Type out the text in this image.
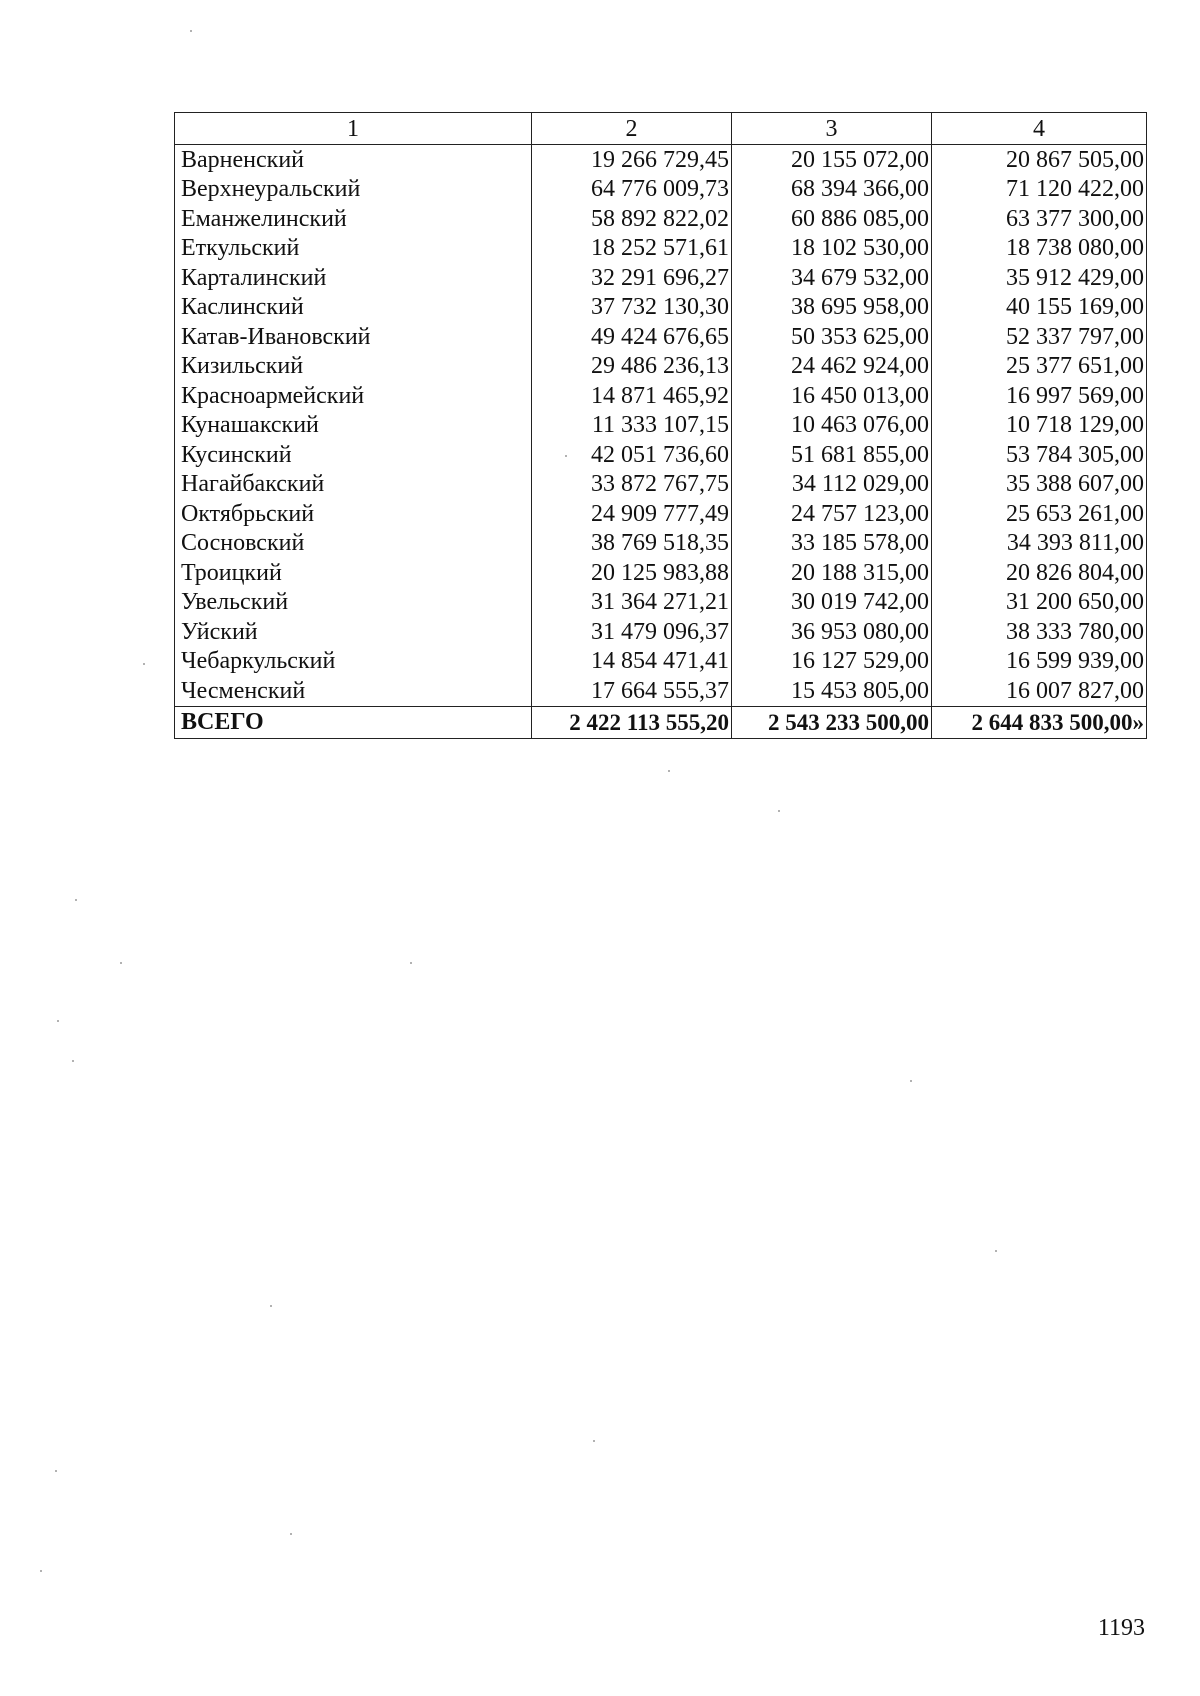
1	2	3	4
Варненский	19 266 729,45	20 155 072,00	20 867 505,00
Верхнеуральский	64 776 009,73	68 394 366,00	71 120 422,00
Еманжелинский	58 892 822,02	60 886 085,00	63 377 300,00
Еткульский	18 252 571,61	18 102 530,00	18 738 080,00
Карталинский	32 291 696,27	34 679 532,00	35 912 429,00
Каслинский	37 732 130,30	38 695 958,00	40 155 169,00
Катав-Ивановский	49 424 676,65	50 353 625,00	52 337 797,00
Кизильский	29 486 236,13	24 462 924,00	25 377 651,00
Красноармейский	14 871 465,92	16 450 013,00	16 997 569,00
Кунашакский	11 333 107,15	10 463 076,00	10 718 129,00
Кусинский	42 051 736,60	51 681 855,00	53 784 305,00
Нагайбакский	33 872 767,75	34 112 029,00	35 388 607,00
Октябрьский	24 909 777,49	24 757 123,00	25 653 261,00
Сосновский	38 769 518,35	33 185 578,00	34 393 811,00
Троицкий	20 125 983,88	20 188 315,00	20 826 804,00
Увельский	31 364 271,21	30 019 742,00	31 200 650,00
Уйский	31 479 096,37	36 953 080,00	38 333 780,00
Чебаркульский	14 854 471,41	16 127 529,00	16 599 939,00
Чесменский	17 664 555,37	15 453 805,00	16 007 827,00
ВСЕГО	2 422 113 555,20	2 543 233 500,00	2 644 833 500,00»
1193
